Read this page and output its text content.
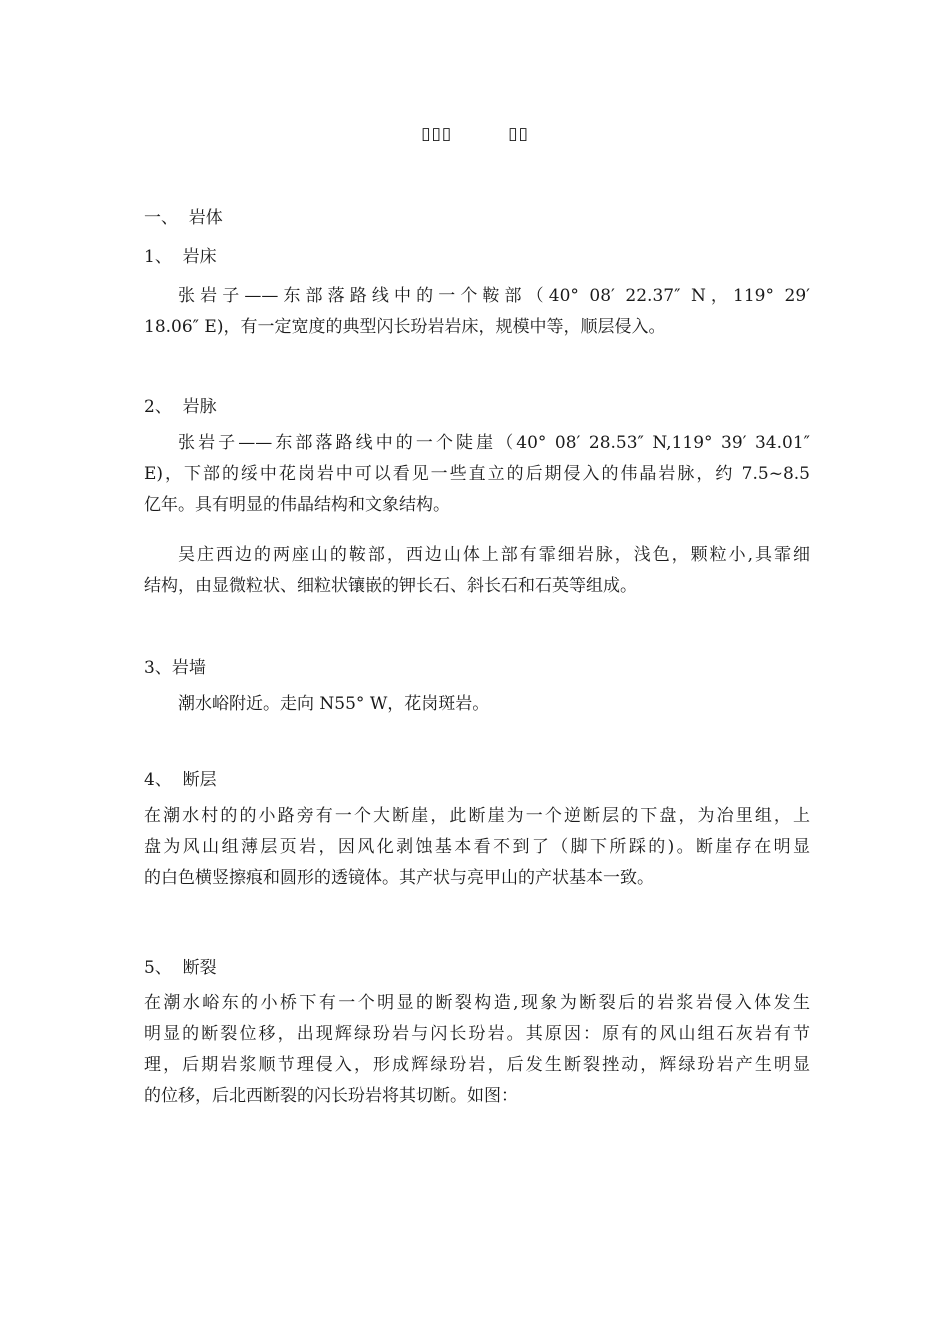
▯▯▯	▯▯
一、  岩体
1、  岩床
张岩子——东部落路线中的一个鞍部（40° 08′ 22.37″ N，119° 29′
18.06″ E)，有一定宽度的典型闪长玢岩岩床，规模中等，顺层侵入。
2、  岩脉
张岩子——东部落路线中的一个陡崖（40° 08′ 28.53″ N,119° 39′ 34.01″
E)，下部的绥中花岗岩中可以看见一些直立的后期侵入的伟晶岩脉，约 7.5~8.5
亿年。具有明显的伟晶结构和文象结构。
吴庄西边的两座山的鞍部，西边山体上部有霏细岩脉，浅色，颗粒小,具霏细
结构，由显微粒状、细粒状镶嵌的钾长石、斜长石和石英等组成。
3、岩墙
潮水峪附近。走向 N55° W，花岗斑岩。
4、  断层
在潮水村的的小路旁有一个大断崖，此断崖为一个逆断层的下盘，为冶里组，上
盘为风山组薄层页岩，因风化剥蚀基本看不到了（脚下所踩的)。断崖存在明显
的白色横竖擦痕和圆形的透镜体。其产状与亮甲山的产状基本一致。
5、  断裂
在潮水峪东的小桥下有一个明显的断裂构造,现象为断裂后的岩浆岩侵入体发生
明显的断裂位移，出现辉绿玢岩与闪长玢岩。其原因：原有的风山组石灰岩有节
理，后期岩浆顺节理侵入，形成辉绿玢岩，后发生断裂挫动，辉绿玢岩产生明显
的位移，后北西断裂的闪长玢岩将其切断。如图：
